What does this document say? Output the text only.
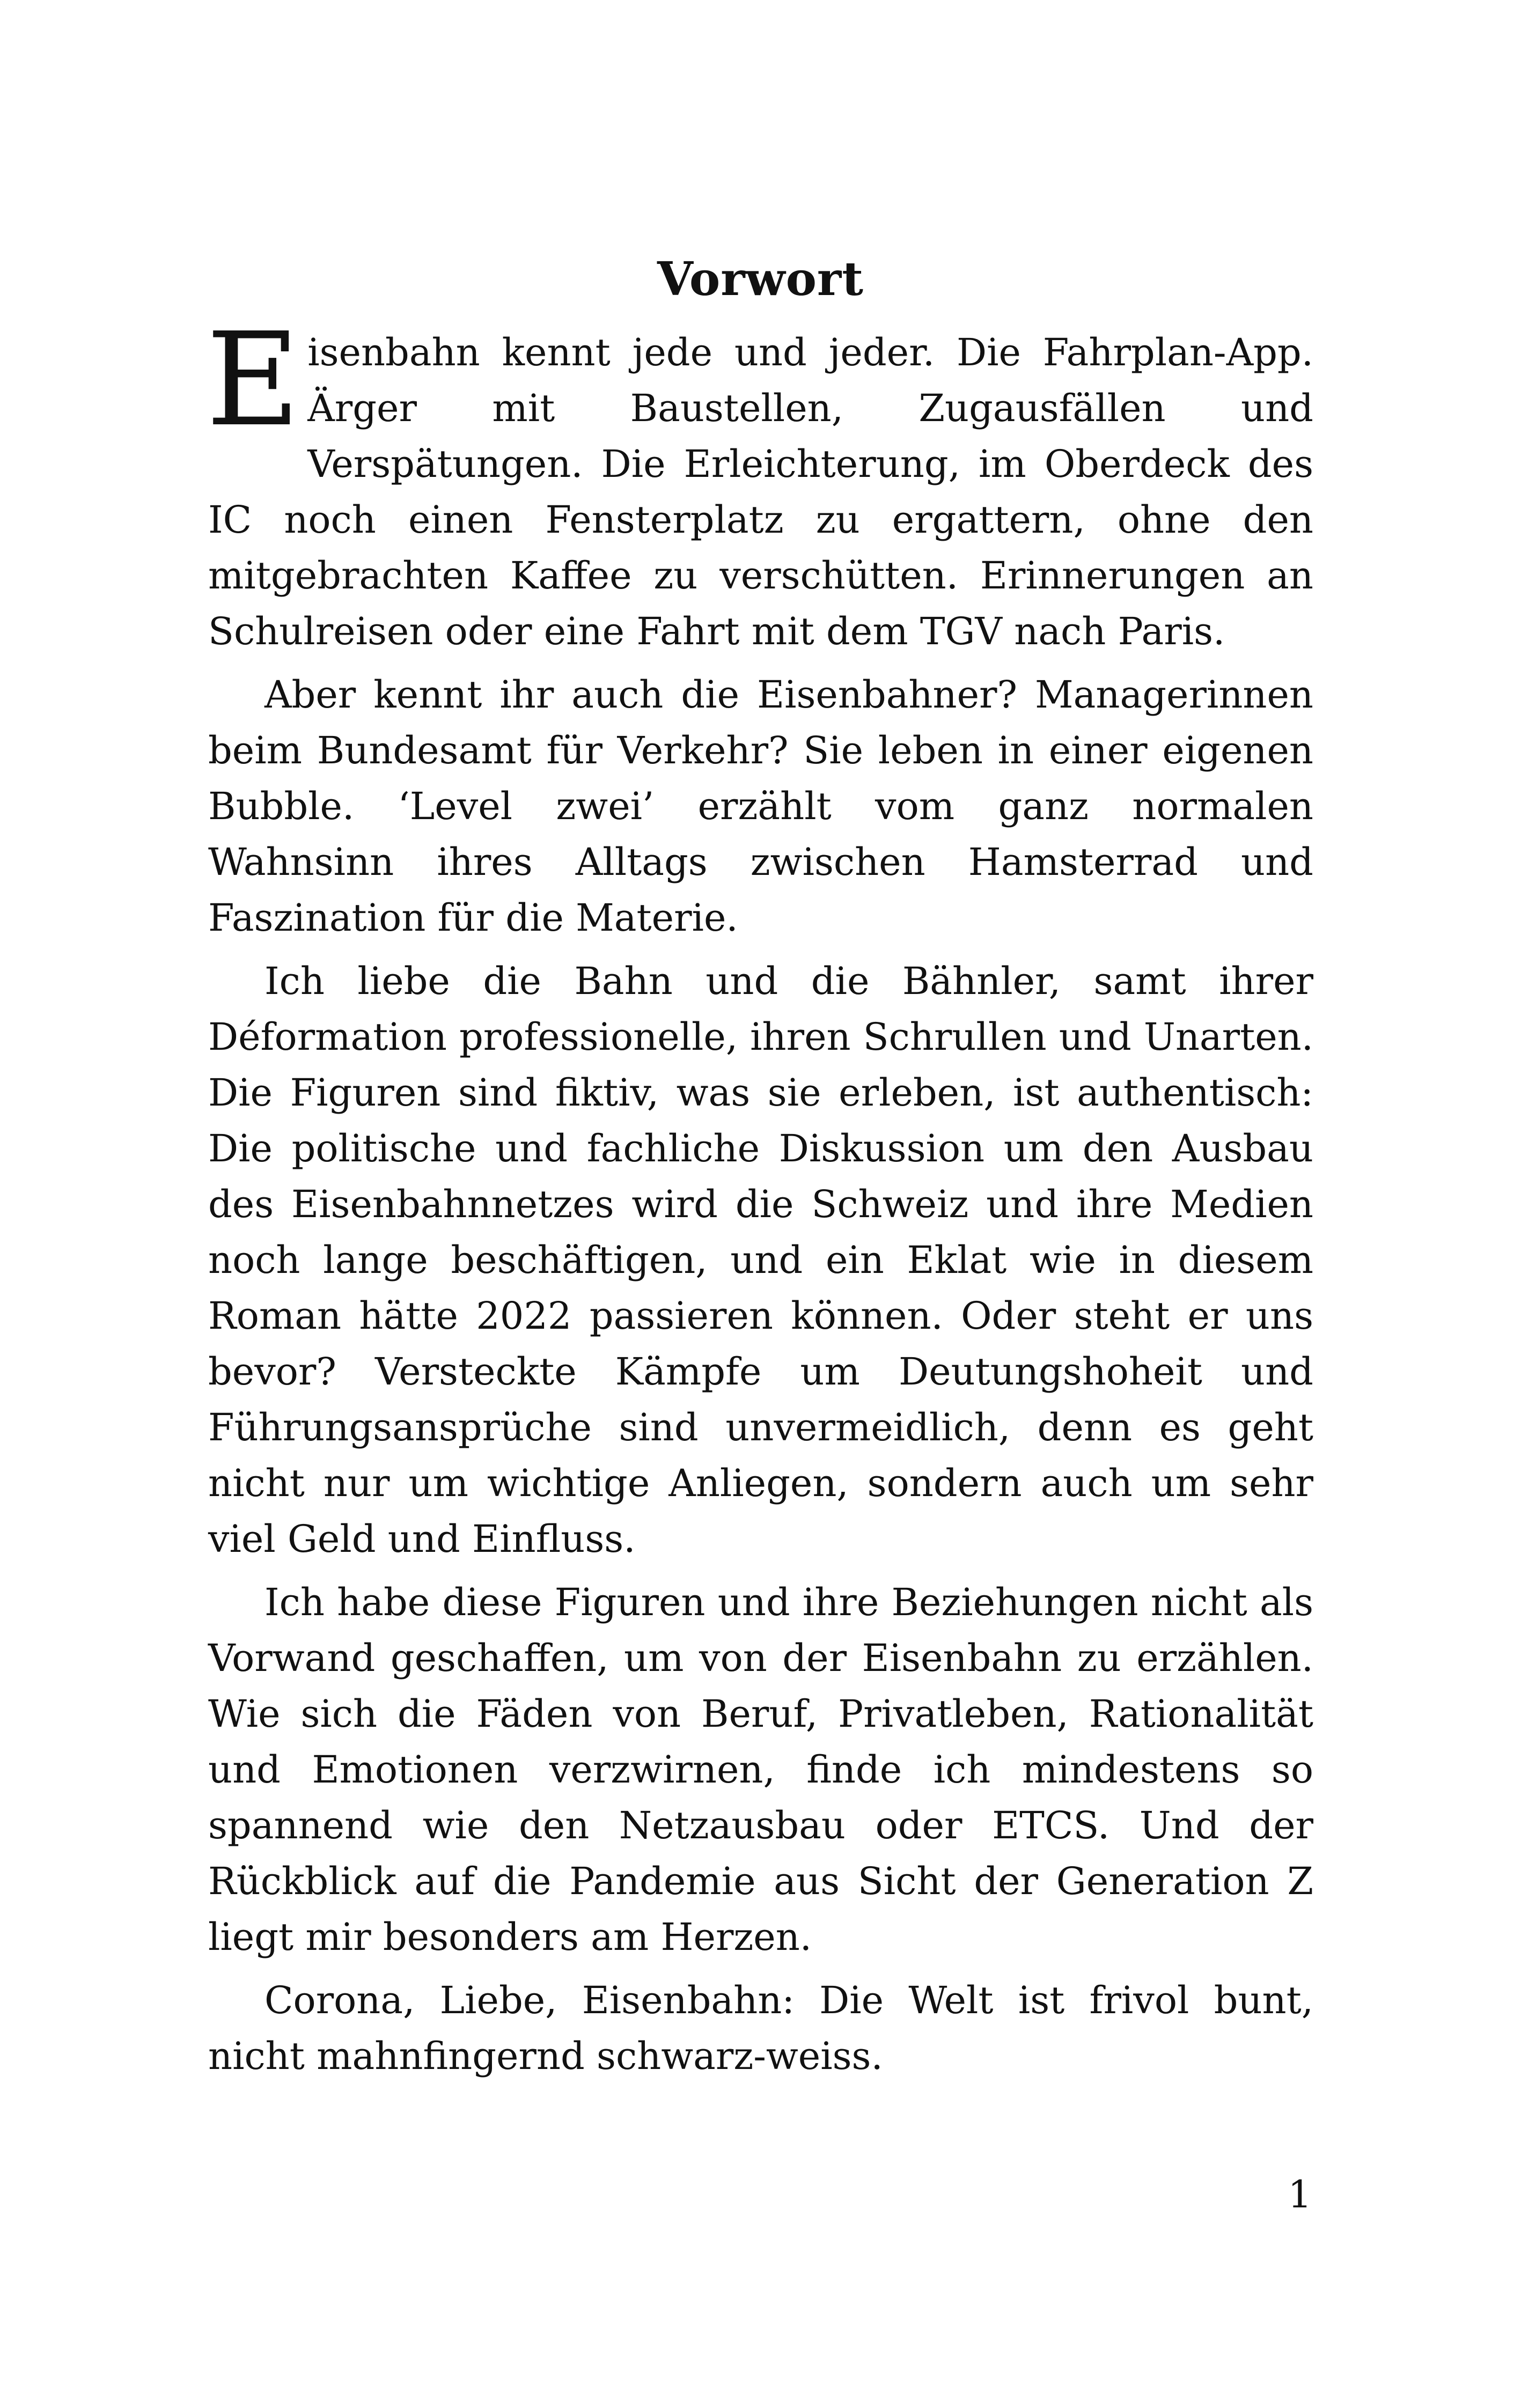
Vorwort

Eisenbahn kennt jede und jeder. Die Fahrplan-App. Ärger mit Baustellen, Zugausfällen und Verspätungen. Die Erleichterung, im Oberdeck des IC noch einen Fensterplatz zu ergattern, ohne den mitgebrachten Kaffee zu verschütten. Erinnerungen an Schulreisen oder eine Fahrt mit dem TGV nach Paris.

Aber kennt ihr auch die Eisenbahner? Managerinnen beim Bundesamt für Verkehr? Sie leben in einer eigenen Bubble. ‘Level zwei’ erzählt vom ganz normalen Wahnsinn ihres Alltags zwischen Hamsterrad und Faszination für die Materie.

Ich liebe die Bahn und die Bähnler, samt ihrer Déformation professionelle, ihren Schrullen und Unarten. Die Figuren sind fiktiv, was sie erleben, ist authentisch: Die politische und fachliche Diskussion um den Ausbau des Eisenbahnnetzes wird die Schweiz und ihre Medien noch lange beschäftigen, und ein Eklat wie in diesem Roman hätte 2022 passieren können. Oder steht er uns bevor? Versteckte Kämpfe um Deutungshoheit und Führungsansprüche sind unvermeidlich, denn es geht nicht nur um wichtige Anliegen, sondern auch um sehr viel Geld und Einfluss.

Ich habe diese Figuren und ihre Beziehungen nicht als Vorwand geschaffen, um von der Eisenbahn zu erzählen. Wie sich die Fäden von Beruf, Privatleben, Rationalität und Emotionen verzwirnen, finde ich mindestens so spannend wie den Netzausbau oder ETCS. Und der Rückblick auf die Pandemie aus Sicht der Generation Z liegt mir besonders am Herzen.

Corona, Liebe, Eisenbahn: Die Welt ist frivol bunt, nicht mahnfingernd schwarz-weiss.

1
